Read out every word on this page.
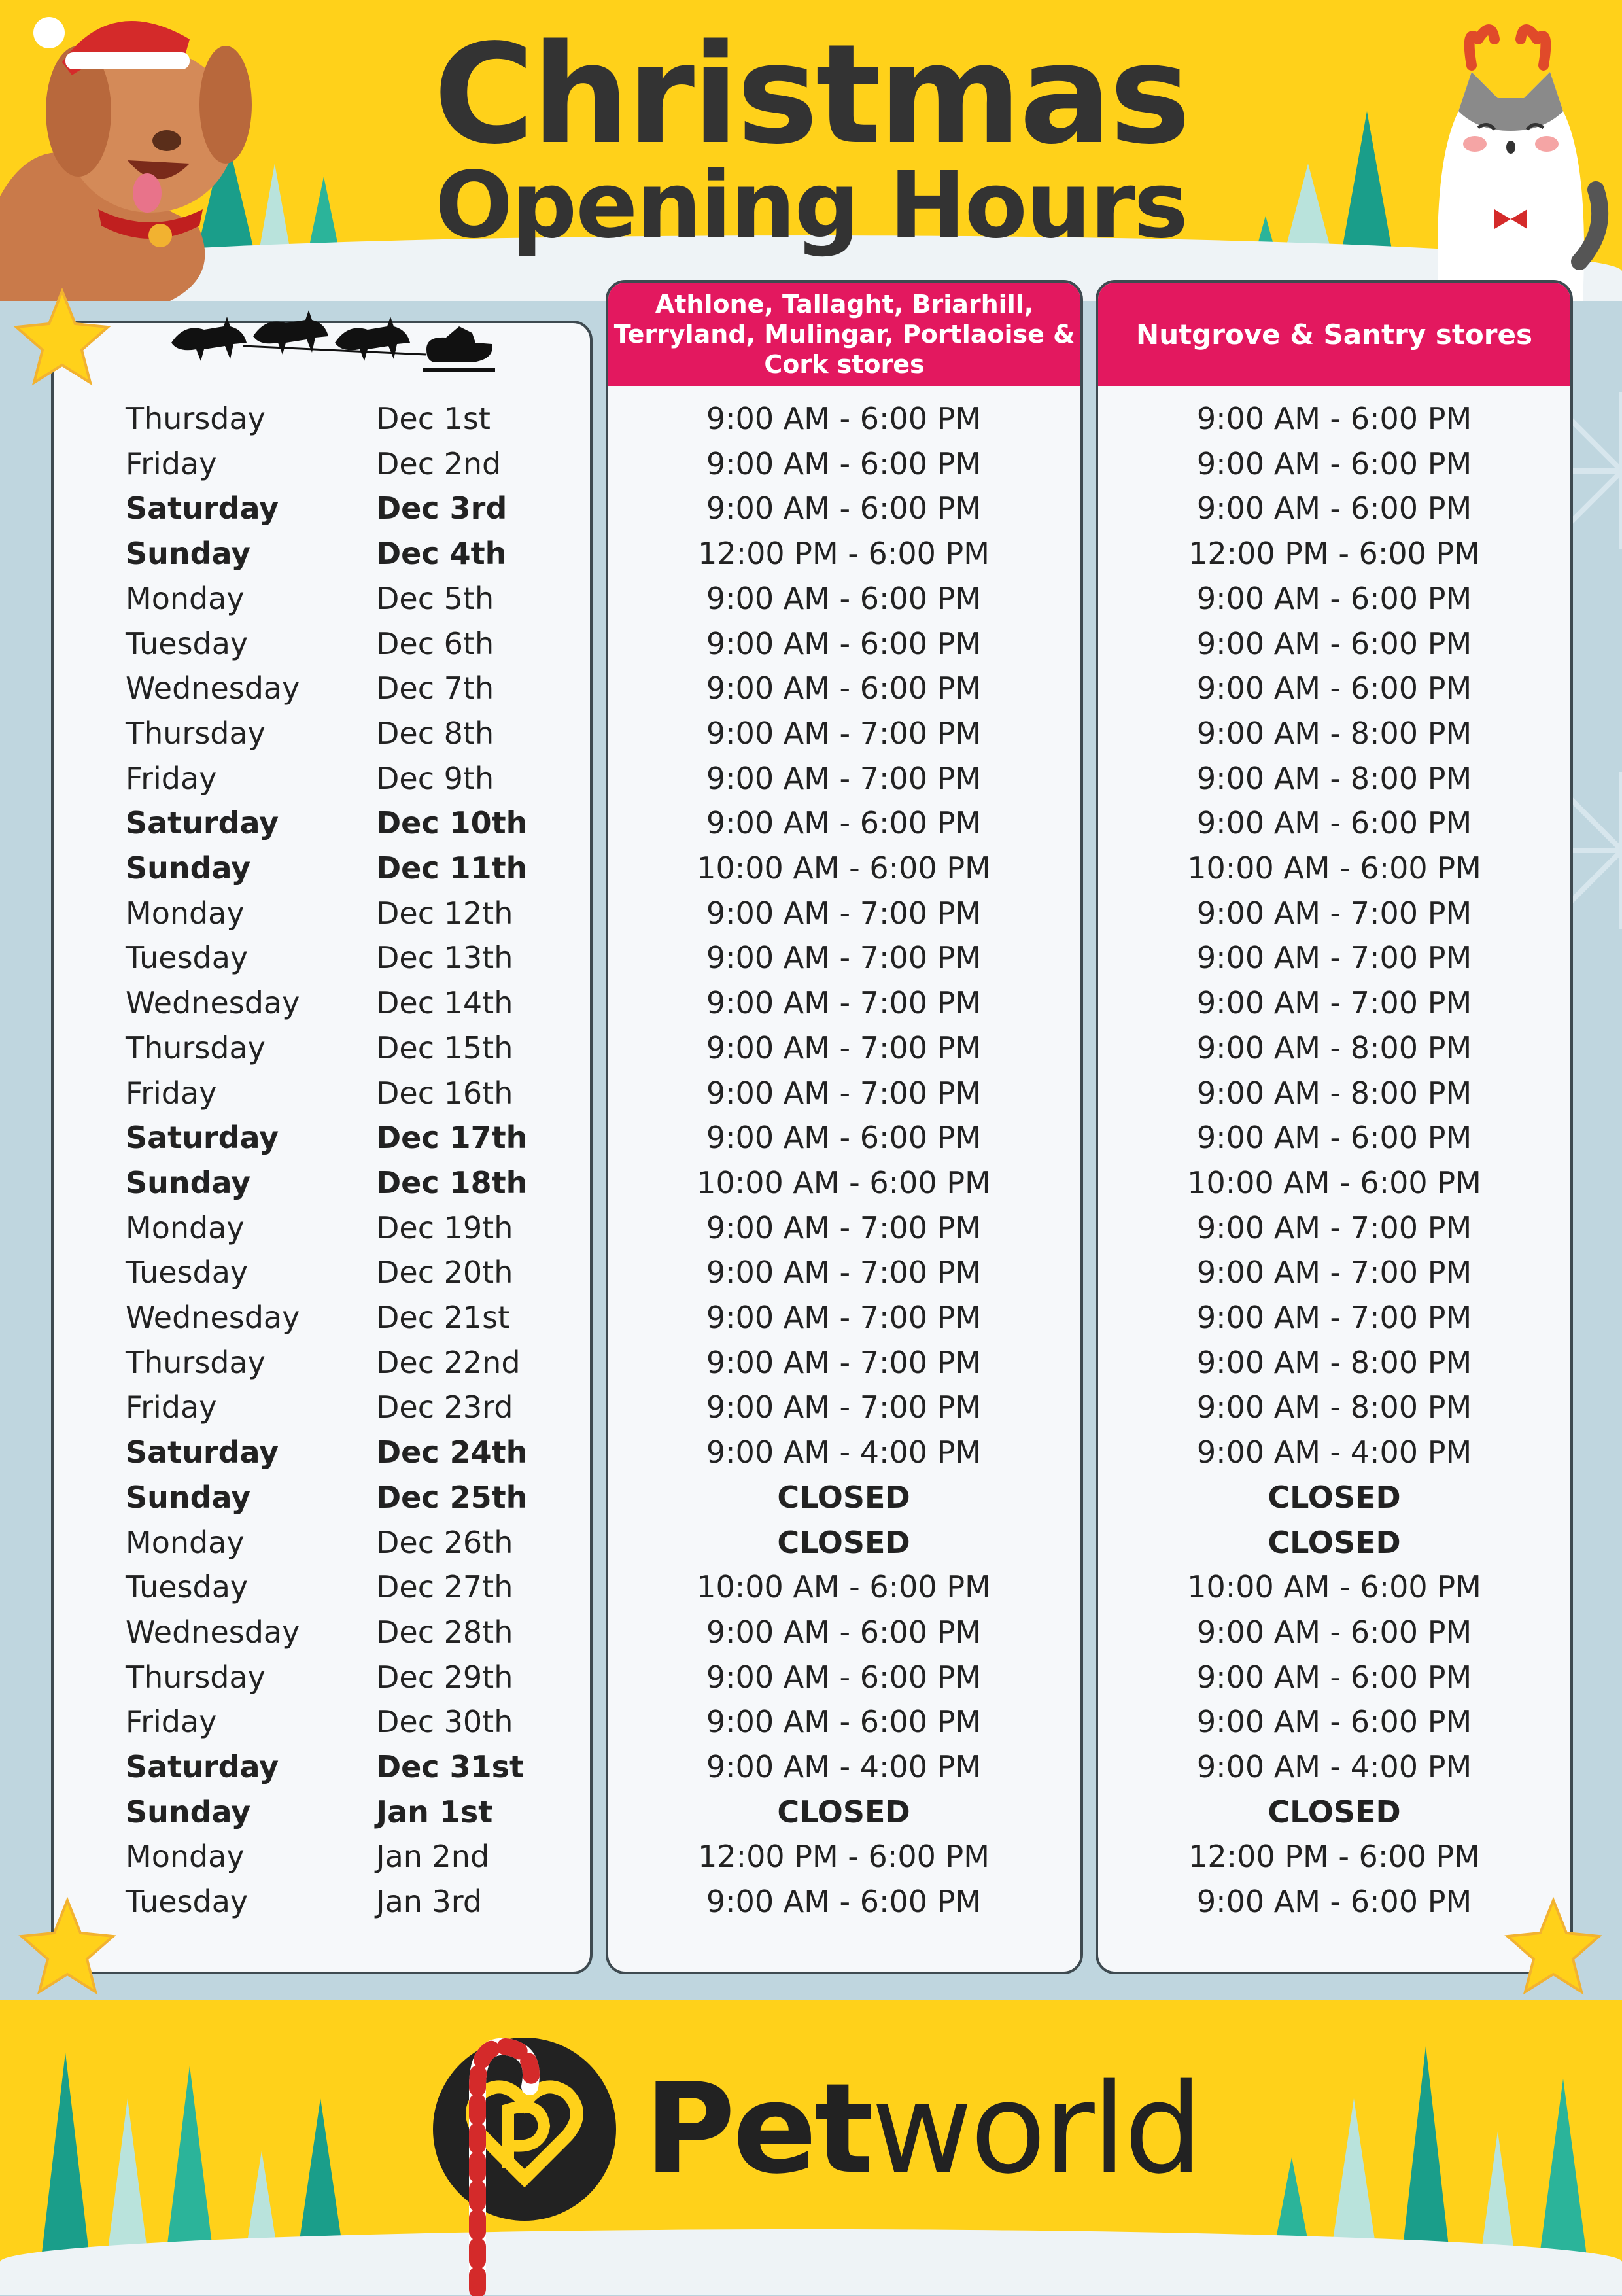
Christmas
Opening Hours
Athlone, Tallaght, Briarhill, Terryland, Mulingar, Portlaoise & Cork stores
Nutgrove & Santry stores
Thursday	Dec 1st	9:00 AM - 6:00 PM	9:00 AM - 6:00 PM
Friday	Dec 2nd	9:00 AM - 6:00 PM	9:00 AM - 6:00 PM
Saturday	Dec 3rd	9:00 AM - 6:00 PM	9:00 AM - 6:00 PM
Sunday	Dec 4th	12:00 PM - 6:00 PM	12:00 PM - 6:00 PM
Monday	Dec 5th	9:00 AM - 6:00 PM	9:00 AM - 6:00 PM
Tuesday	Dec 6th	9:00 AM - 6:00 PM	9:00 AM - 6:00 PM
Wednesday	Dec 7th	9:00 AM - 6:00 PM	9:00 AM - 6:00 PM
Thursday	Dec 8th	9:00 AM - 7:00 PM	9:00 AM - 8:00 PM
Friday	Dec 9th	9:00 AM - 7:00 PM	9:00 AM - 8:00 PM
Saturday	Dec 10th	9:00 AM - 6:00 PM	9:00 AM - 6:00 PM
Sunday	Dec 11th	10:00 AM - 6:00 PM	10:00 AM - 6:00 PM
Monday	Dec 12th	9:00 AM - 7:00 PM	9:00 AM - 7:00 PM
Tuesday	Dec 13th	9:00 AM - 7:00 PM	9:00 AM - 7:00 PM
Wednesday	Dec 14th	9:00 AM - 7:00 PM	9:00 AM - 7:00 PM
Thursday	Dec 15th	9:00 AM - 7:00 PM	9:00 AM - 8:00 PM
Friday	Dec 16th	9:00 AM - 7:00 PM	9:00 AM - 8:00 PM
Saturday	Dec 17th	9:00 AM - 6:00 PM	9:00 AM - 6:00 PM
Sunday	Dec 18th	10:00 AM - 6:00 PM	10:00 AM - 6:00 PM
Monday	Dec 19th	9:00 AM - 7:00 PM	9:00 AM - 7:00 PM
Tuesday	Dec 20th	9:00 AM - 7:00 PM	9:00 AM - 7:00 PM
Wednesday	Dec 21st	9:00 AM - 7:00 PM	9:00 AM - 7:00 PM
Thursday	Dec 22nd	9:00 AM - 7:00 PM	9:00 AM - 8:00 PM
Friday	Dec 23rd	9:00 AM - 7:00 PM	9:00 AM - 8:00 PM
Saturday	Dec 24th	9:00 AM - 4:00 PM	9:00 AM - 4:00 PM
Sunday	Dec 25th	CLOSED	CLOSED
Monday	Dec 26th	CLOSED	CLOSED
Tuesday	Dec 27th	10:00 AM - 6:00 PM	10:00 AM - 6:00 PM
Wednesday	Dec 28th	9:00 AM - 6:00 PM	9:00 AM - 6:00 PM
Thursday	Dec 29th	9:00 AM - 6:00 PM	9:00 AM - 6:00 PM
Friday	Dec 30th	9:00 AM - 6:00 PM	9:00 AM - 6:00 PM
Saturday	Dec 31st	9:00 AM - 4:00 PM	9:00 AM - 4:00 PM
Sunday	Jan 1st	CLOSED	CLOSED
Monday	Jan 2nd	12:00 PM - 6:00 PM	12:00 PM - 6:00 PM
Tuesday	Jan 3rd	9:00 AM - 6:00 PM	9:00 AM - 6:00 PM
Petworld
